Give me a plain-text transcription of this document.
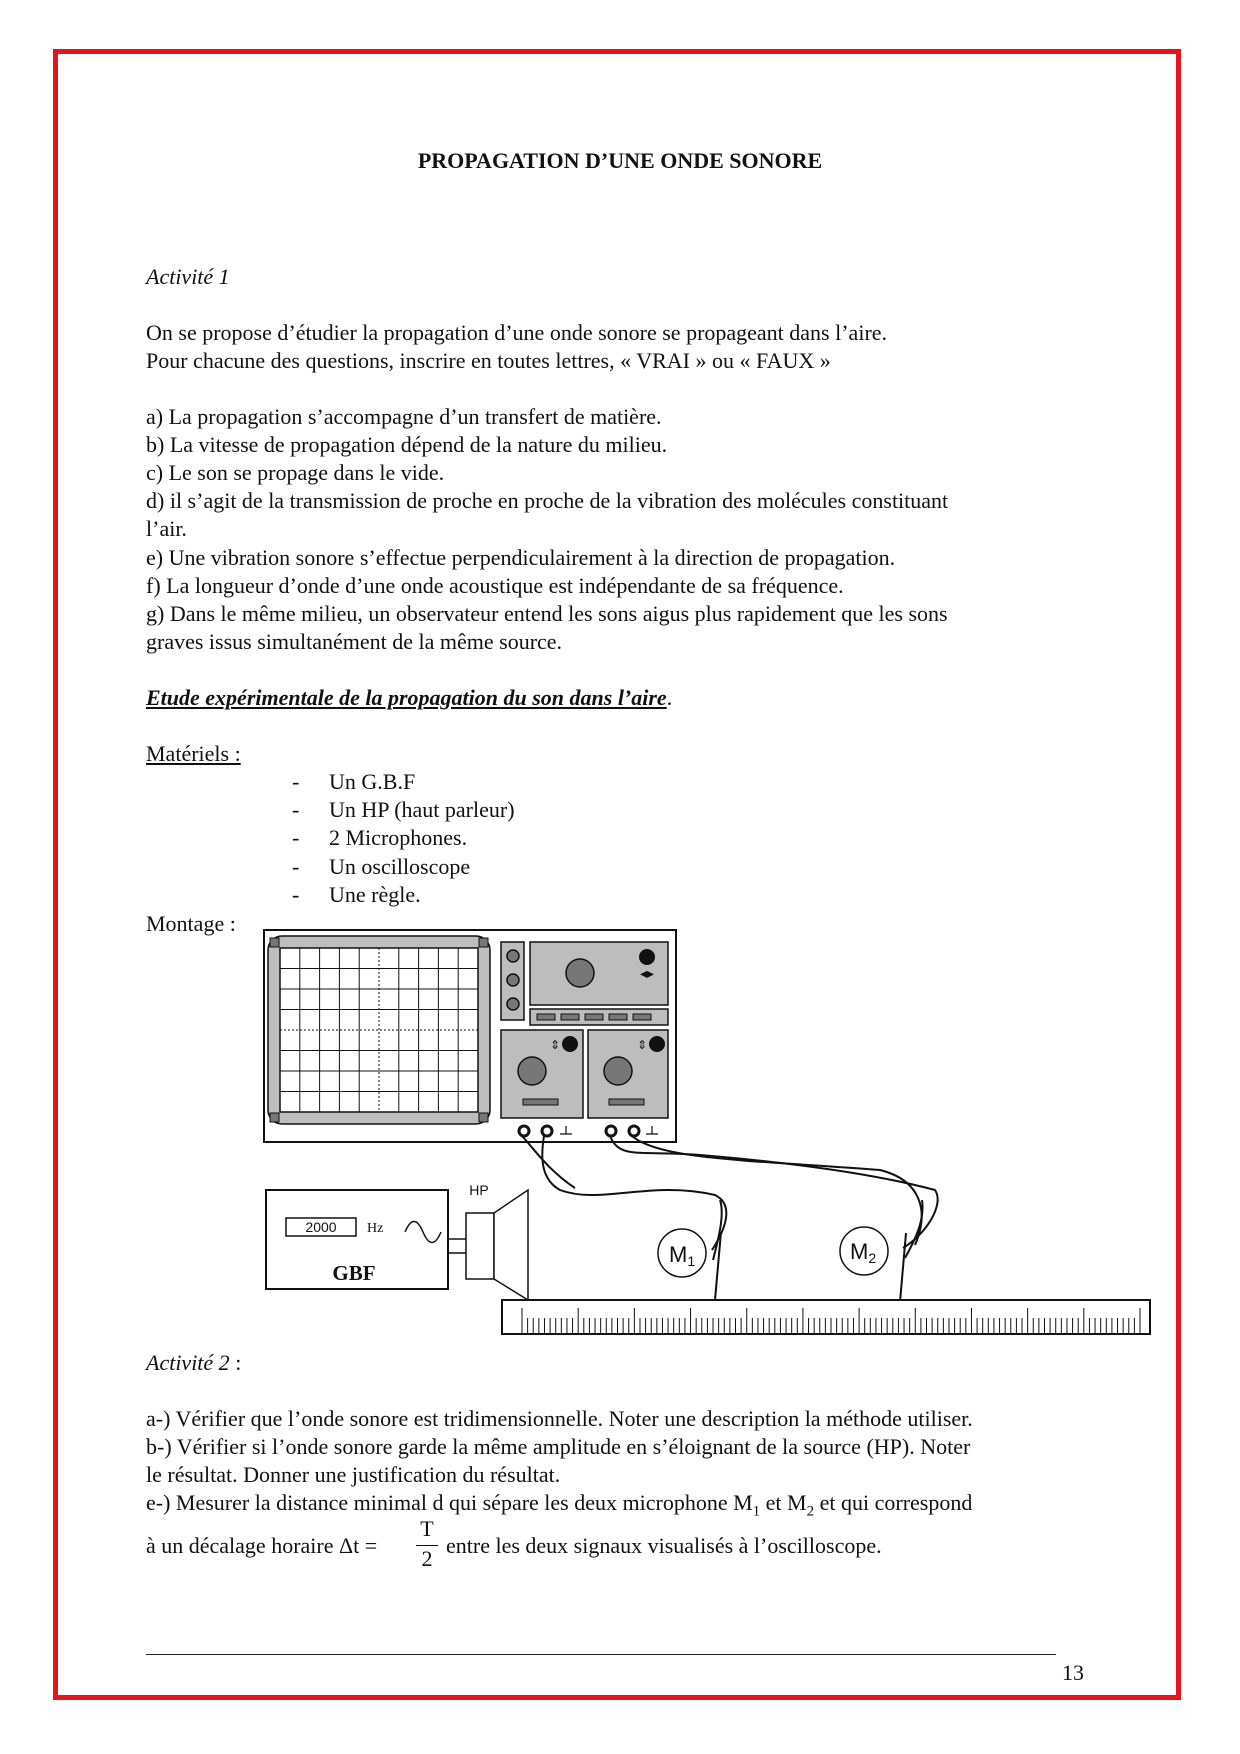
PROPAGATION D’UNE ONDE SONORE
Activité 1
On se propose d’étudier la propagation d’une onde sonore se propageant dans l’aire.
Pour chacune des questions, inscrire en toutes lettres, « VRAI » ou « FAUX »
a) La propagation s’accompagne d’un transfert de matière.
b) La vitesse de propagation dépend de la nature du milieu.
c) Le son se propage dans le vide.
d) il s’agit de la transmission de proche en proche de la vibration des molécules constituant
l’air.
e) Une vibration sonore s’effectue perpendiculairement à la direction de propagation.
f) La longueur d’onde d’une onde acoustique est indépendante de sa fréquence.
g) Dans le même milieu, un observateur entend les sons aigus plus rapidement que les sons
graves issus simultanément de la même source.
Etude expérimentale de la propagation du son dans l’aire.
Matériels :
- Un G.B.F
- Un HP (haut parleur)
- 2 Microphones.
- Un oscilloscope
- Une règle.
Montage :
◂▸
⇕	⇕
2000 Hz
GBF
HP
M1	M2
Activité 2 :
a-) Vérifier que l’onde sonore est tridimensionnelle. Noter une description la méthode utiliser.
b-) Vérifier si l’onde sonore garde la même amplitude en s’éloignant de la source (HP). Noter
le résultat. Donner une justification du résultat.
e-) Mesurer la distance minimal d qui sépare les deux microphone $M_1$ et $M_2$ et qui correspond
à un décalage horaire Δt =
T
2
entre les deux signaux visualisés à l’oscilloscope.
13
